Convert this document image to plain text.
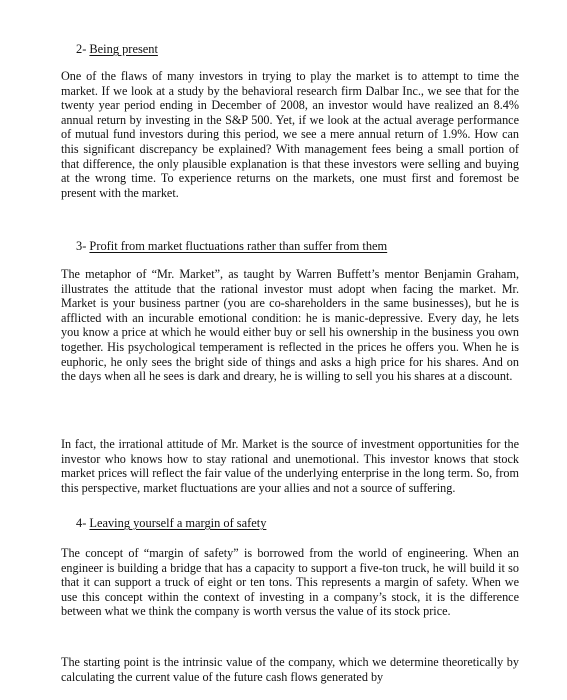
2- Being present

One of the flaws of many investors in trying to play the market is to attempt to time the market. If we look at a study by the behavioral research firm Dalbar Inc., we see that for the twenty year period ending in December of 2008, an investor would have realized an 8.4% annual return by investing in the S&P 500. Yet, if we look at the actual average performance of mutual fund investors during this period, we see a mere annual return of 1.9%. How can this significant discrepancy be explained? With management fees being a small portion of that difference, the only plausible explanation is that these investors were selling and buying at the wrong time. To experience returns on the markets, one must first and foremost be present with the market.

3- Profit from market fluctuations rather than suffer from them

The metaphor of “Mr. Market”, as taught by Warren Buffett’s mentor Benjamin Graham, illustrates the attitude that the rational investor must adopt when facing the market. Mr. Market is your business partner (you are co-shareholders in the same businesses), but he is afflicted with an incurable emotional condition: he is manic-depressive. Every day, he lets you know a price at which he would either buy or sell his ownership in the business you own together. His psychological temperament is reflected in the prices he offers you. When he is euphoric, he only sees the bright side of things and asks a high price for his shares. And on the days when all he sees is dark and dreary, he is willing to sell you his shares at a discount.

In fact, the irrational attitude of Mr. Market is the source of investment opportunities for the investor who knows how to stay rational and unemotional. This investor knows that stock market prices will reflect the fair value of the underlying enterprise in the long term. So, from this perspective, market fluctuations are your allies and not a source of suffering.

4- Leaving yourself a margin of safety

The concept of “margin of safety” is borrowed from the world of engineering. When an engineer is building a bridge that has a capacity to support a five-ton truck, he will build it so that it can support a truck of eight or ten tons. This represents a margin of safety. When we use this concept within the context of investing in a company’s stock, it is the difference between what we think the company is worth versus the value of its stock price.

The starting point is the intrinsic value of the company, which we determine theoretically by calculating the current value of the future cash flows generated by
